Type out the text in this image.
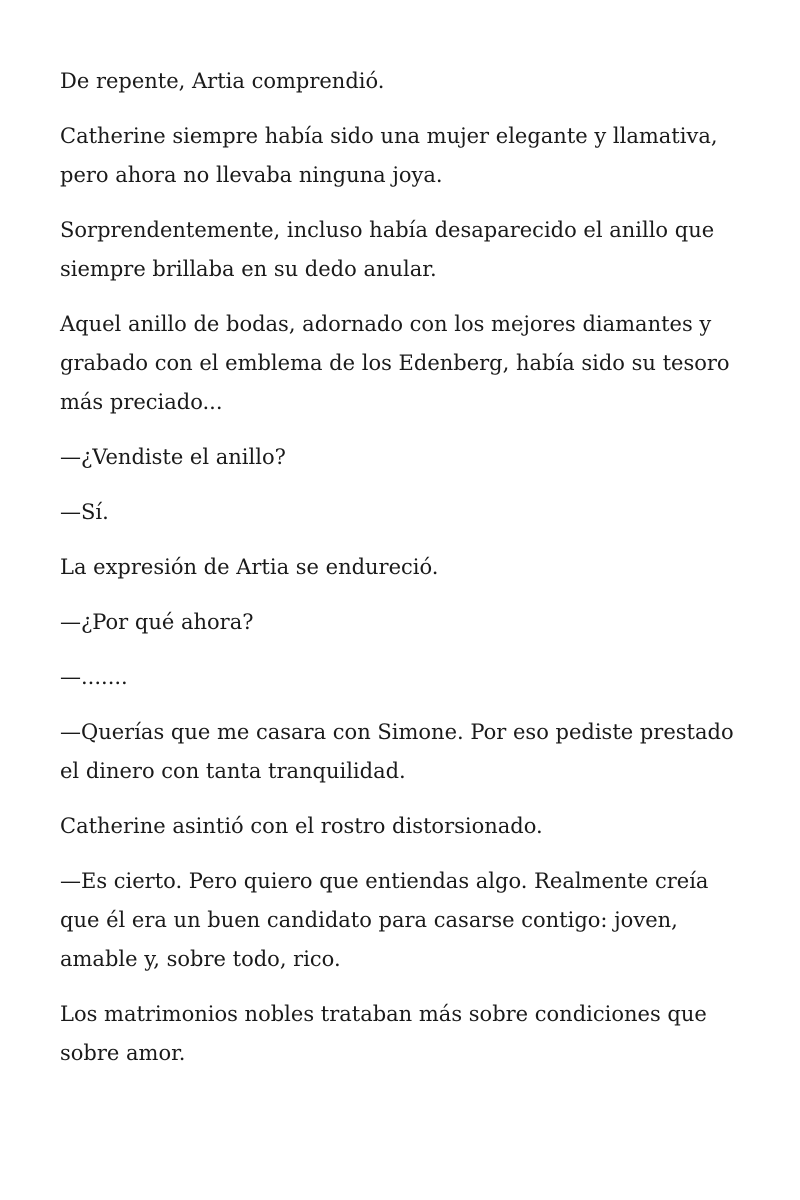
De repente, Artia comprendió.

Catherine siempre había sido una mujer elegante y llamativa, pero ahora no llevaba ninguna joya.

Sorprendentemente, incluso había desaparecido el anillo que siempre brillaba en su dedo anular.

Aquel anillo de bodas, adornado con los mejores diamantes y grabado con el emblema de los Edenberg, había sido su tesoro más preciado...

—¿Vendiste el anillo?

—Sí.

La expresión de Artia se endureció.

—¿Por qué ahora?

—.......

—Querías que me casara con Simone. Por eso pediste prestado el dinero con tanta tranquilidad.

Catherine asintió con el rostro distorsionado.

—Es cierto. Pero quiero que entiendas algo. Realmente creía que él era un buen candidato para casarse contigo: joven, amable y, sobre todo, rico.

Los matrimonios nobles trataban más sobre condiciones que sobre amor.
